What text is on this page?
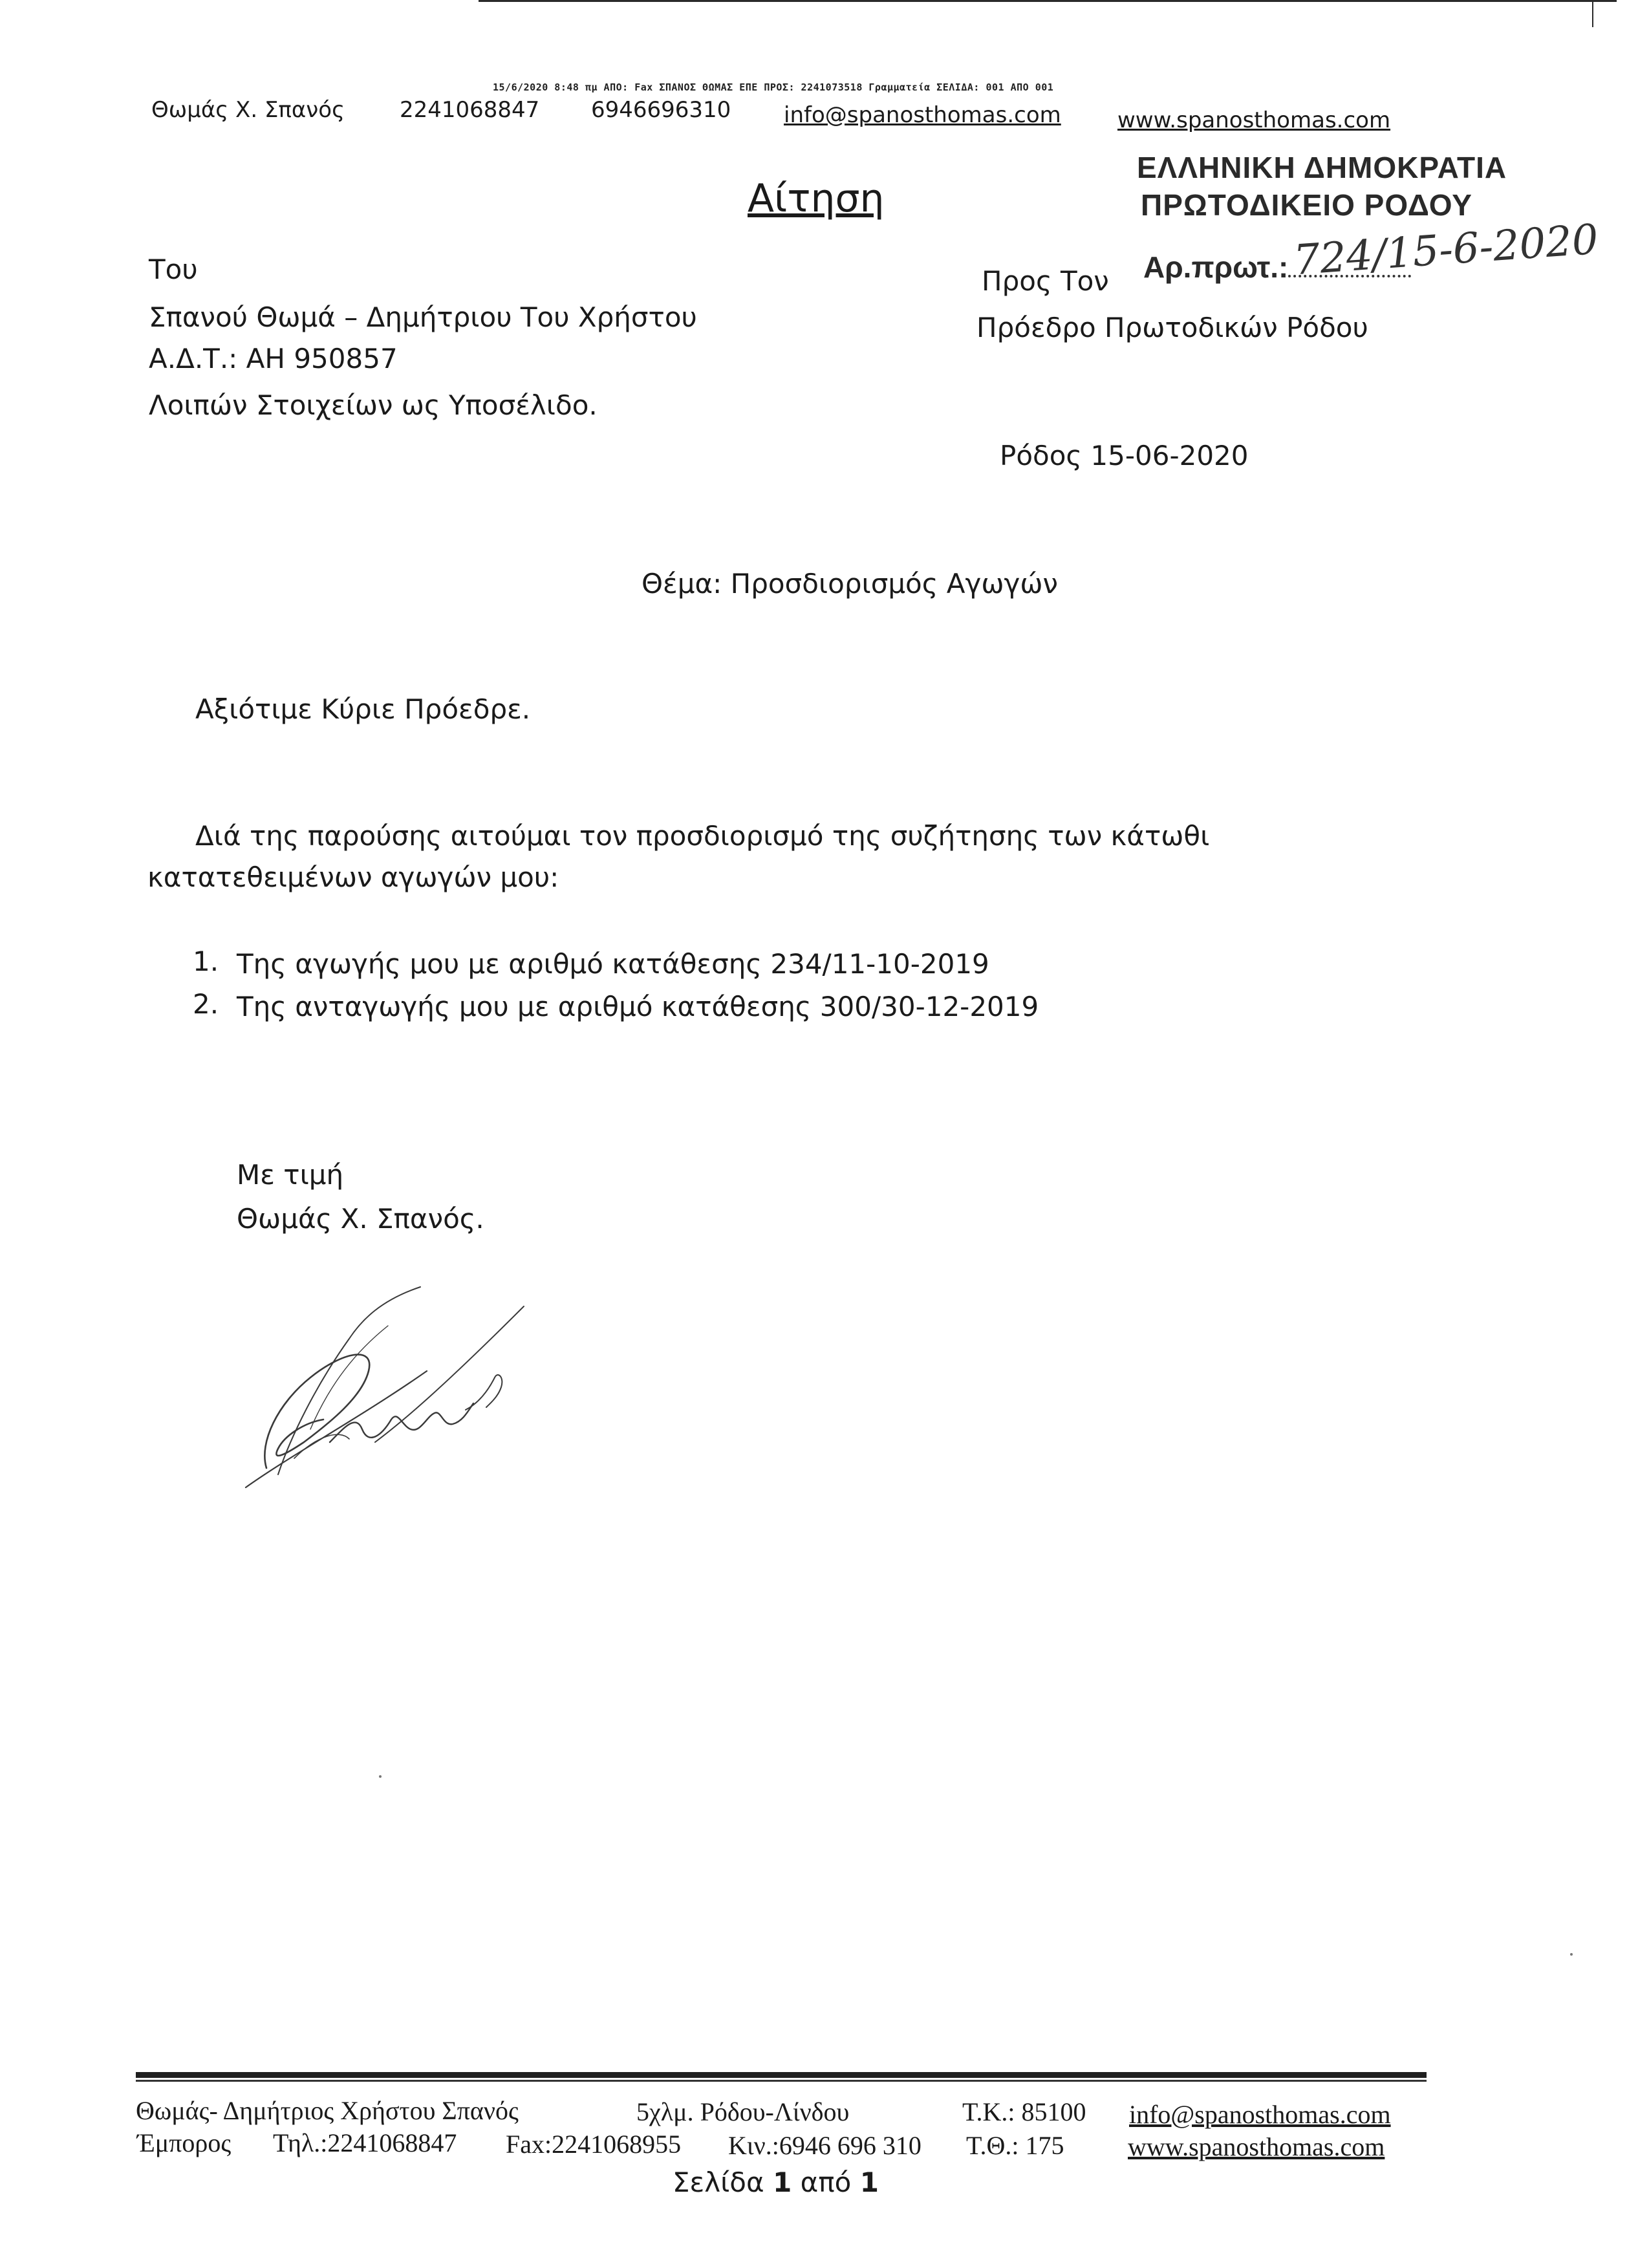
15/6/2020 8:48 πμ ΑΠΟ: Fax ΣΠΑΝΟΣ ΘΩΜΑΣ ΕΠΕ ΠΡΟΣ: 2241073518 Γραμματεία ΣΕΛΙΔΑ: 001 ΑΠΟ 001
Θωμάς Χ. Σπανός 2241068847 6946696310 info@spanosthomas.com	www.spanosthomas.com
ΕΛΛΗΝΙΚΗ ΔΗΜΟΚΡΑΤΙΑ
ΠΡΩΤΟΔΙΚΕΙΟ ΡΟΔΟΥ
Αρ.πρωτ.: 724/15-6-2020
Αίτηση
Του
Σπανού Θωμά – Δημήτριου Του Χρήστου
Α.Δ.Τ.: ΑΗ 950857
Λοιπών Στοιχείων ως Υποσέλιδο.
Προς Τον
Πρόεδρο Πρωτοδικών Ρόδου
Ρόδος 15-06-2020
Θέμα: Προσδιορισμός Αγωγών
Αξιότιμε Κύριε Πρόεδρε.
Διά της παρούσης αιτούμαι τον προσδιορισμό της συζήτησης των κάτωθι
κατατεθειμένων αγωγών μου:
1. Της αγωγής μου με αριθμό κατάθεσης 234/11-10-2019
2. Της ανταγωγής μου με αριθμό κατάθεσης 300/30-12-2019
Με τιμή
Θωμάς Χ. Σπανός.
Θωμάς- Δημήτριος Χρήστου Σπανός	5χλμ. Ρόδου-Λίνδου	Τ.Κ.: 85100 info@spanosthomas.com
Έμπορος Τηλ.:2241068847 Fax:2241068955 Κιν.:6946 696 310 Τ.Θ.: 175 www.spanosthomas.com
Σελίδα 1 από 1
